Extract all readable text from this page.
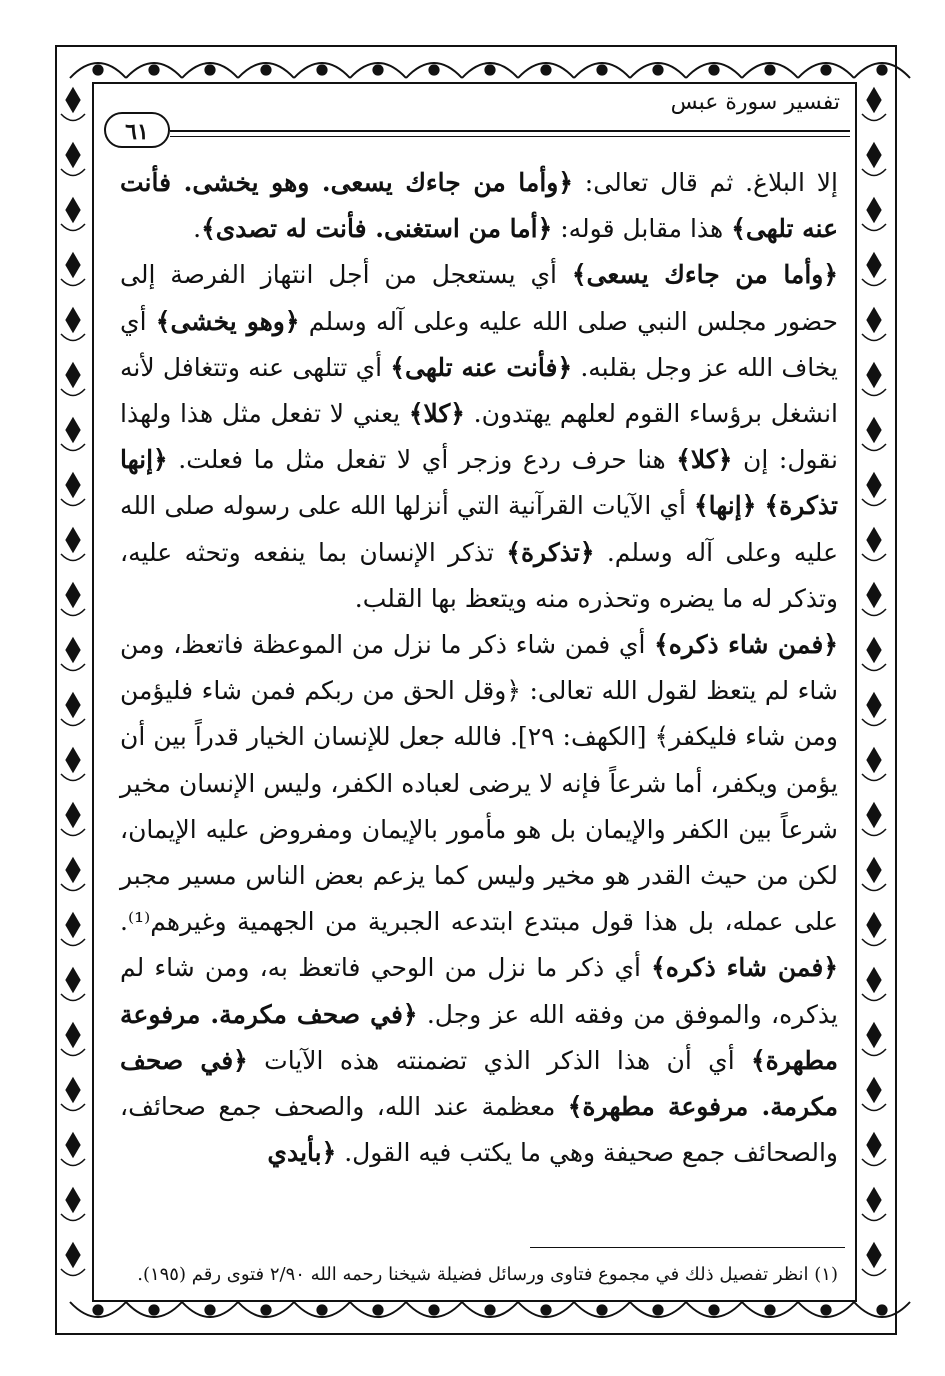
تفسير سورة عبس
٦١

إلا البلاغ. ثم قال تعالى: ﴿وأما من جاءك يسعى. وهو يخشى. فأنت عنه تلهى﴾ هذا مقابل قوله: ﴿أما من استغنى. فأنت له تصدى﴾.

﴿وأما من جاءك يسعى﴾ أي يستعجل من أجل انتهاز الفرصة إلى حضور مجلس النبي صلى الله عليه وعلى آله وسلم ﴿وهو يخشى﴾ أي يخاف الله عز وجل بقلبه. ﴿فأنت عنه تلهى﴾ أي تتلهى عنه وتتغافل لأنه انشغل برؤساء القوم لعلهم يهتدون. ﴿كلا﴾ يعني لا تفعل مثل هذا ولهذا نقول: إن ﴿كلا﴾ هنا حرف ردع وزجر أي لا تفعل مثل ما فعلت. ﴿إنها تذكرة﴾ ﴿إنها﴾ أي الآيات القرآنية التي أنزلها الله على رسوله صلى الله عليه وعلى آله وسلم. ﴿تذكرة﴾ تذكر الإنسان بما ينفعه وتحثه عليه، وتذكر له ما يضره وتحذره منه ويتعظ بها القلب.

﴿فمن شاء ذكره﴾ أي فمن شاء ذكر ما نزل من الموعظة فاتعظ، ومن شاء لم يتعظ لقول الله تعالى: ﴿وقل الحق من ربكم فمن شاء فليؤمن ومن شاء فليكفر﴾ [الكهف: ٢٩]. فالله جعل للإنسان الخيار قدراً بين أن يؤمن ويكفر، أما شرعاً فإنه لا يرضى لعباده الكفر، وليس الإنسان مخير شرعاً بين الكفر والإيمان بل هو مأمور بالإيمان ومفروض عليه الإيمان، لكن من حيث القدر هو مخير وليس كما يزعم بعض الناس مسير مجبر على عمله، بل هذا قول مبتدع ابتدعه الجبرية من الجهمية وغيرهم⁽¹⁾. ﴿فمن شاء ذكره﴾ أي ذكر ما نزل من الوحي فاتعظ به، ومن شاء لم يذكره، والموفق من وفقه الله عز وجل. ﴿في صحف مكرمة. مرفوعة مطهرة﴾ أي أن هذا الذكر الذي تضمنته هذه الآيات ﴿في صحف مكرمة. مرفوعة مطهرة﴾ معظمة عند الله، والصحف جمع صحائف، والصحائف جمع صحيفة وهي ما يكتب فيه القول. ﴿بأيدي

(١) انظر تفصيل ذلك في مجموع فتاوى ورسائل فضيلة شيخنا رحمه الله ٢/٩٠ فتوى رقم (١٩٥).
